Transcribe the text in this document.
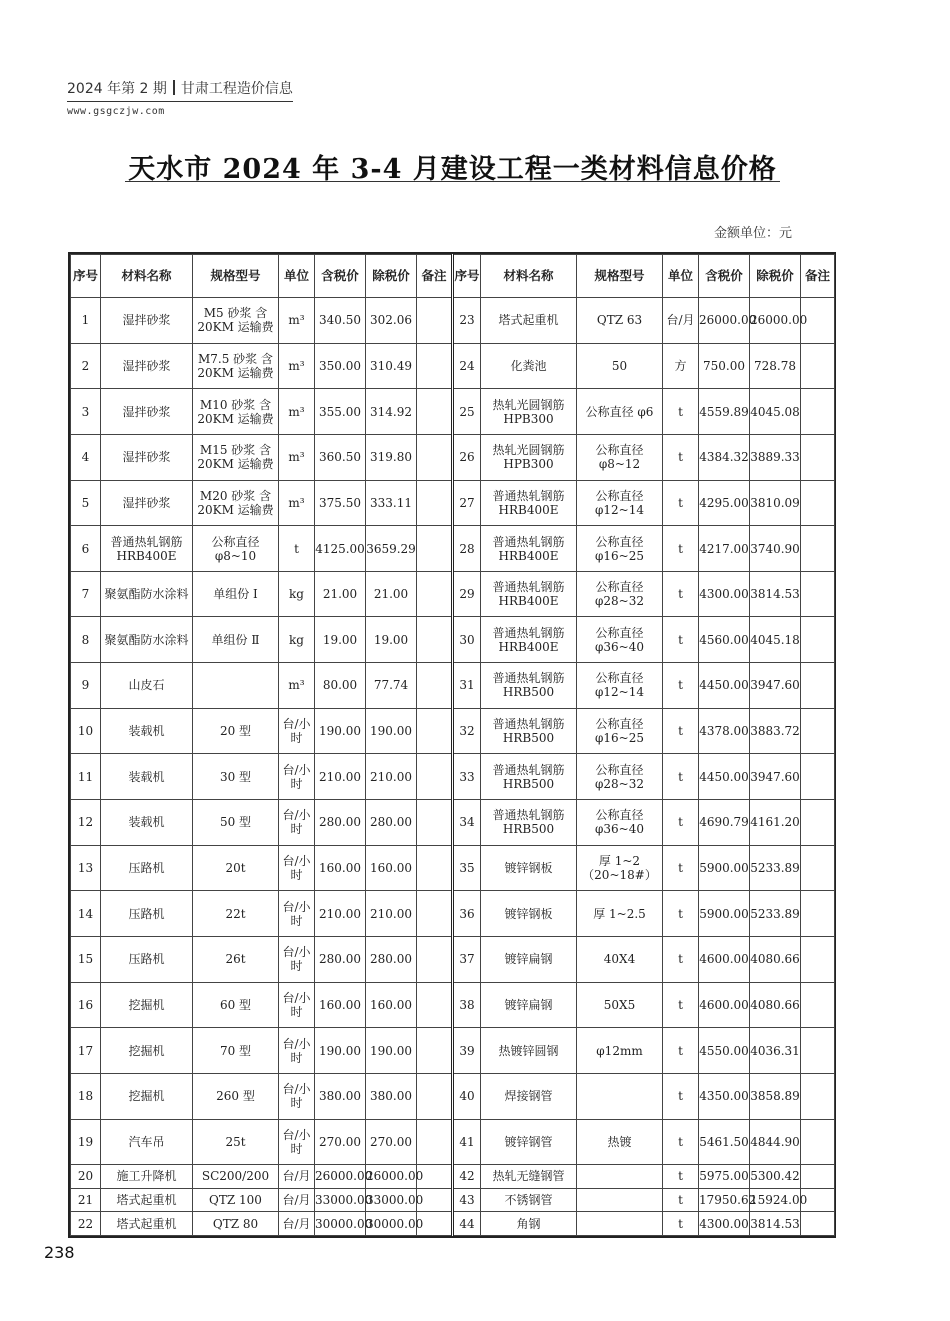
2024 年第 2 期 甘肃工程造价信息
www.gsgczjw.com
天水市 2024 年 3-4 月建设工程一类材料信息价格
金额单位：元
序号	材料名称	规格型号	单位	含税价	除税价	备注	序号	材料名称	规格型号	单位	含税价	除税价	备注
1	湿拌砂浆	M5 砂浆 含 20KM 运输费	m³	340.50	302.06		23	塔式起重机	QTZ 63	台/月	26000.00	26000.00	
2	湿拌砂浆	M7.5 砂浆 含 20KM 运输费	m³	350.00	310.49		24	化粪池	50	方	750.00	728.78	
3	湿拌砂浆	M10 砂浆 含 20KM 运输费	m³	355.00	314.92		25	热轧光圆钢筋 HPB300	公称直径 φ6	t	4559.89	4045.08	
4	湿拌砂浆	M15 砂浆 含 20KM 运输费	m³	360.50	319.80		26	热轧光圆钢筋 HPB300	公称直径 φ8~12	t	4384.32	3889.33	
5	湿拌砂浆	M20 砂浆 含 20KM 运输费	m³	375.50	333.11		27	普通热轧钢筋 HRB400E	公称直径 φ12~14	t	4295.00	3810.09	
6	普通热轧钢筋 HRB400E	公称直径 φ8~10	t	4125.00	3659.29		28	普通热轧钢筋 HRB400E	公称直径 φ16~25	t	4217.00	3740.90	
7	聚氨酯防水涂料	单组份 Ⅰ	kg	21.00	21.00		29	普通热轧钢筋 HRB400E	公称直径 φ28~32	t	4300.00	3814.53	
8	聚氨酯防水涂料	单组份 Ⅱ	kg	19.00	19.00		30	普通热轧钢筋 HRB400E	公称直径 φ36~40	t	4560.00	4045.18	
9	山皮石		m³	80.00	77.74		31	普通热轧钢筋 HRB500	公称直径 φ12~14	t	4450.00	3947.60	
10	装载机	20 型	台/小时	190.00	190.00		32	普通热轧钢筋 HRB500	公称直径 φ16~25	t	4378.00	3883.72	
11	装载机	30 型	台/小时	210.00	210.00		33	普通热轧钢筋 HRB500	公称直径 φ28~32	t	4450.00	3947.60	
12	装载机	50 型	台/小时	280.00	280.00		34	普通热轧钢筋 HRB500	公称直径 φ36~40	t	4690.79	4161.20	
13	压路机	20t	台/小时	160.00	160.00		35	镀锌钢板	厚 1~2 （20~18#）	t	5900.00	5233.89	
14	压路机	22t	台/小时	210.00	210.00		36	镀锌钢板	厚 1~2.5	t	5900.00	5233.89	
15	压路机	26t	台/小时	280.00	280.00		37	镀锌扁钢	40X4	t	4600.00	4080.66	
16	挖掘机	60 型	台/小时	160.00	160.00		38	镀锌扁钢	50X5	t	4600.00	4080.66	
17	挖掘机	70 型	台/小时	190.00	190.00		39	热镀锌圆钢	φ12mm	t	4550.00	4036.31	
18	挖掘机	260 型	台/小时	380.00	380.00		40	焊接钢管		t	4350.00	3858.89	
19	汽车吊	25t	台/小时	270.00	270.00		41	镀锌钢管	热镀	t	5461.50	4844.90	
20	施工升降机	SC200/200	台/月	26000.00	26000.00		42	热轧无缝钢管		t	5975.00	5300.42	
21	塔式起重机	QTZ 100	台/月	33000.00	33000.00		43	不锈钢管		t	17950.62	15924.00	
22	塔式起重机	QTZ 80	台/月	30000.00	30000.00		44	角钢		t	4300.00	3814.53	
238
